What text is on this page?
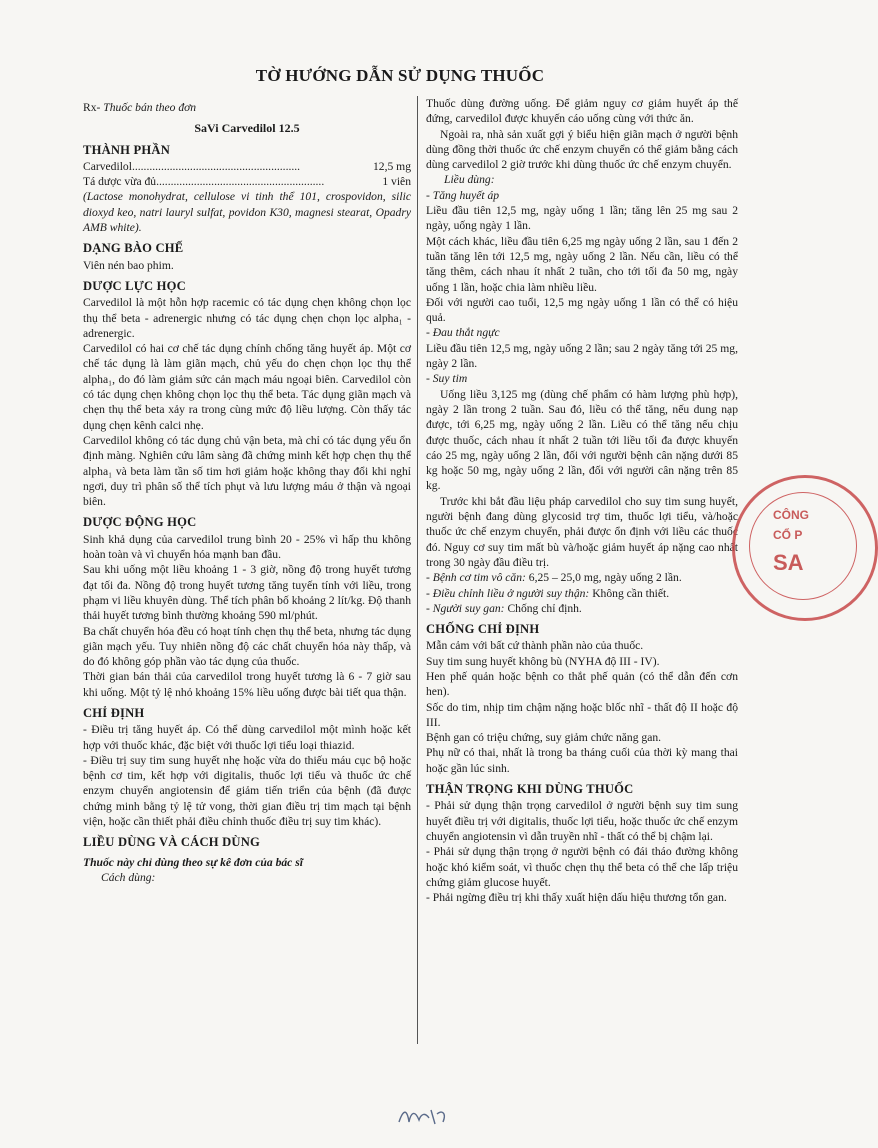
TỜ HƯỚNG DẪN SỬ DỤNG THUỐC

Rx- Thuốc bán theo đơn

SaVi Carvedilol 12.5

THÀNH PHẦN
Carvedilol..........................................................	12,5 mg
Tá dược vừa đủ..........................................................	1 viên

(Lactose monohydrat, cellulose vi tinh thể 101, crospovidon, silic dioxyd keo, natri lauryl sulfat, povidon K30, magnesi stearat, Opadry AMB white).

DẠNG BÀO CHẾ

Viên nén bao phim.

DƯỢC LỰC HỌC

Carvedilol là một hỗn hợp racemic có tác dụng chẹn không chọn lọc thụ thể beta - adrenergic nhưng có tác dụng chẹn chọn lọc alpha₁ - adrenergic.

Carvedilol có hai cơ chế tác dụng chính chống tăng huyết áp. Một cơ chế tác dụng là làm giãn mạch, chủ yếu do chẹn chọn lọc thụ thể alpha₁, do đó làm giảm sức cản mạch máu ngoại biên. Carvedilol còn có tác dụng chẹn không chọn lọc thụ thể beta. Tác dụng giãn mạch và chẹn thụ thể beta xảy ra trong cùng mức độ liều lượng. Còn thấy tác dụng chẹn kênh calci nhẹ.

Carvedilol không có tác dụng chủ vận beta, mà chỉ có tác dụng yếu ổn định màng. Nghiên cứu lâm sàng đã chứng minh kết hợp chẹn thụ thể alpha₁ và beta làm tần số tim hơi giảm hoặc không thay đổi khi nghỉ ngơi, duy trì phân số thể tích phụt và lưu lượng máu ở thận và ngoại biên.

DƯỢC ĐỘNG HỌC

Sinh khả dụng của carvedilol trung bình 20 - 25% vì hấp thu không hoàn toàn và vì chuyển hóa mạnh ban đầu.

Sau khi uống một liều khoảng 1 - 3 giờ, nồng độ trong huyết tương đạt tối đa. Nồng độ trong huyết tương tăng tuyến tính với liều, trong phạm vi liều khuyên dùng. Thể tích phân bố khoảng 2 lít/kg. Độ thanh thải huyết tương bình thường khoảng 590 ml/phút.

Ba chất chuyển hóa đều có hoạt tính chẹn thụ thể beta, nhưng tác dụng giãn mạch yếu. Tuy nhiên nồng độ các chất chuyển hóa này thấp, và do đó không góp phần vào tác dụng của thuốc.

Thời gian bán thải của carvedilol trong huyết tương là 6 - 7 giờ sau khi uống. Một tỷ lệ nhỏ khoảng 15% liều uống được bài tiết qua thận.

CHỈ ĐỊNH

- Điều trị tăng huyết áp. Có thể dùng carvedilol một mình hoặc kết hợp với thuốc khác, đặc biệt với thuốc lợi tiểu loại thiazid.

- Điều trị suy tim sung huyết nhẹ hoặc vừa do thiếu máu cục bộ hoặc bệnh cơ tim, kết hợp với digitalis, thuốc lợi tiểu và thuốc ức chế enzym chuyển angiotensin để giảm tiến triển của bệnh (đã được chứng minh bằng tỷ lệ tử vong, thời gian điều trị tim mạch tại bệnh viện, hoặc cần thiết phải điều chỉnh thuốc điều trị suy tim khác).

LIỀU DÙNG VÀ CÁCH DÙNG

Thuốc này chỉ dùng theo sự kê đơn của bác sĩ

Cách dùng:

Thuốc dùng đường uống. Để giảm nguy cơ giảm huyết áp thế đứng, carvedilol được khuyến cáo uống cùng với thức ăn.

Ngoài ra, nhà sản xuất gợi ý biểu hiện giãn mạch ở người bệnh dùng đồng thời thuốc ức chế enzym chuyển có thể giảm bằng cách dùng carvedilol 2 giờ trước khi dùng thuốc ức chế enzym chuyển.

Liều dùng:

- Tăng huyết áp

Liều đầu tiên 12,5 mg, ngày uống 1 lần; tăng lên 25 mg sau 2 ngày, uống ngày 1 lần.

Một cách khác, liều đầu tiên 6,25 mg ngày uống 2 lần, sau 1 đến 2 tuần tăng lên tới 12,5 mg, ngày uống 2 lần. Nếu cần, liều có thể tăng thêm, cách nhau ít nhất 2 tuần, cho tới tối đa 50 mg, ngày uống 1 lần, hoặc chia làm nhiều liều.

Đối với người cao tuổi, 12,5 mg ngày uống 1 lần có thể có hiệu quả.

- Đau thắt ngực

Liều đầu tiên 12,5 mg, ngày uống 2 lần; sau 2 ngày tăng tới 25 mg, ngày 2 lần.

- Suy tim

Uống liều 3,125 mg (dùng chế phẩm có hàm lượng phù hợp), ngày 2 lần trong 2 tuần. Sau đó, liều có thể tăng, nếu dung nạp được, tới 6,25 mg, ngày uống 2 lần. Liều có thể tăng nếu chịu được thuốc, cách nhau ít nhất 2 tuần tới liều tối đa được khuyến cáo 25 mg, ngày uống 2 lần, đối với người bệnh cân nặng dưới 85 kg hoặc 50 mg, ngày uống 2 lần, đối với người cân nặng trên 85 kg.

Trước khi bắt đầu liệu pháp carvedilol cho suy tim sung huyết, người bệnh đang dùng glycosid trợ tim, thuốc lợi tiểu, và/hoặc thuốc ức chế enzym chuyển, phải được ổn định với liều các thuốc đó. Nguy cơ suy tim mất bù và/hoặc giảm huyết áp nặng cao nhất trong 30 ngày đầu điều trị.

- Bệnh cơ tim vô căn: 6,25 – 25,0 mg, ngày uống 2 lần.

- Điều chỉnh liều ở người suy thận: Không cần thiết.

- Người suy gan: Chống chỉ định.

CHỐNG CHỈ ĐỊNH

Mẫn cảm với bất cứ thành phần nào của thuốc.

Suy tim sung huyết không bù (NYHA độ III - IV).

Hen phế quản hoặc bệnh co thắt phế quản (có thể dẫn đến cơn hen).

Sốc do tim, nhịp tim chậm nặng hoặc blốc nhĩ - thất độ II hoặc độ III.

Bệnh gan có triệu chứng, suy giảm chức năng gan.

Phụ nữ có thai, nhất là trong ba tháng cuối của thời kỳ mang thai hoặc gần lúc sinh.

THẬN TRỌNG KHI DÙNG THUỐC

- Phải sử dụng thận trọng carvedilol ở người bệnh suy tim sung huyết điều trị với digitalis, thuốc lợi tiểu, hoặc thuốc ức chế enzym chuyển angiotensin vì dẫn truyền nhĩ - thất có thể bị chậm lại.

- Phải sử dụng thận trọng ở người bệnh có đái tháo đường không hoặc khó kiểm soát, vì thuốc chẹn thụ thể beta có thể che lấp triệu chứng giảm glucose huyết.

- Phải ngừng điều trị khi thấy xuất hiện dấu hiệu thương tổn gan.

CÔNG
CỔ P
SA
